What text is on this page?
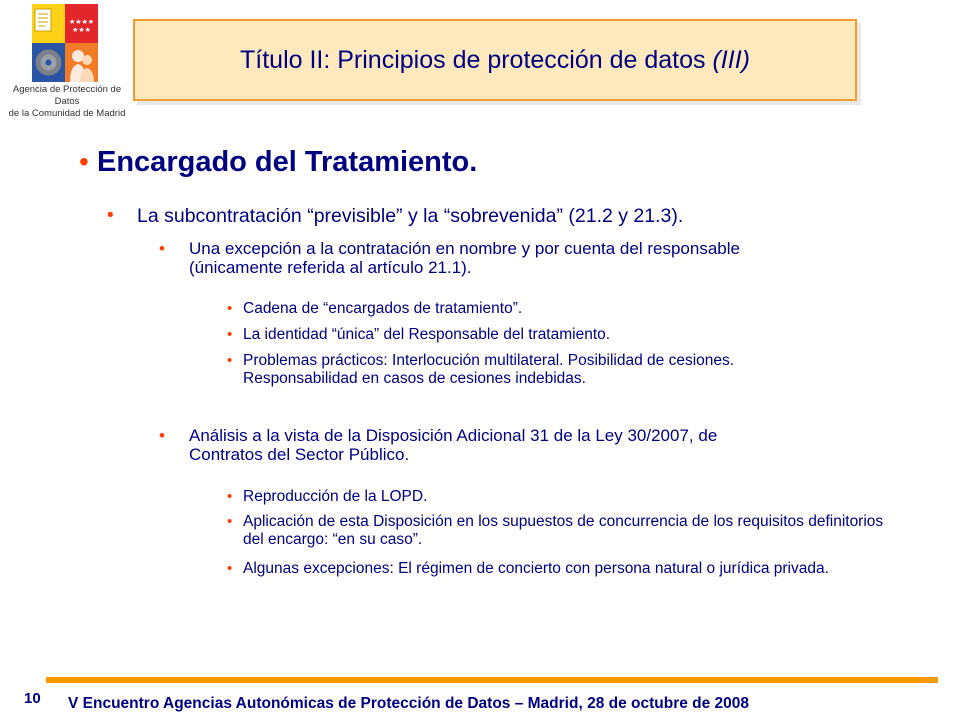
★★★★
★★★
Agencia de Protección de Datos
de la Comunidad de Madrid
Título II: Principios de protección de datos (III)
• Encargado del Tratamiento.
•	La subcontratación “previsible” y la “sobrevenida” (21.2 y 21.3).
•	Una excepción a la contratación en nombre y por cuenta del responsable (únicamente referida al artículo 21.1).
• Cadena de “encargados de tratamiento”.
• La identidad “única” del Responsable del tratamiento.
• Problemas prácticos: Interlocución multilateral. Posibilidad de cesiones. Responsabilidad en casos de cesiones indebidas.
•	Análisis a la vista de la Disposición Adicional 31 de la Ley 30/2007, de Contratos del Sector Público.
• Reproducción de la LOPD.
• Aplicación de esta Disposición en los supuestos de concurrencia de los requisitos definitorios del encargo: “en su caso”.
• Algunas excepciones: El régimen de concierto con persona natural o jurídica privada.
10 V Encuentro Agencias Autonómicas de Protección de Datos – Madrid, 28 de octubre de 2008
